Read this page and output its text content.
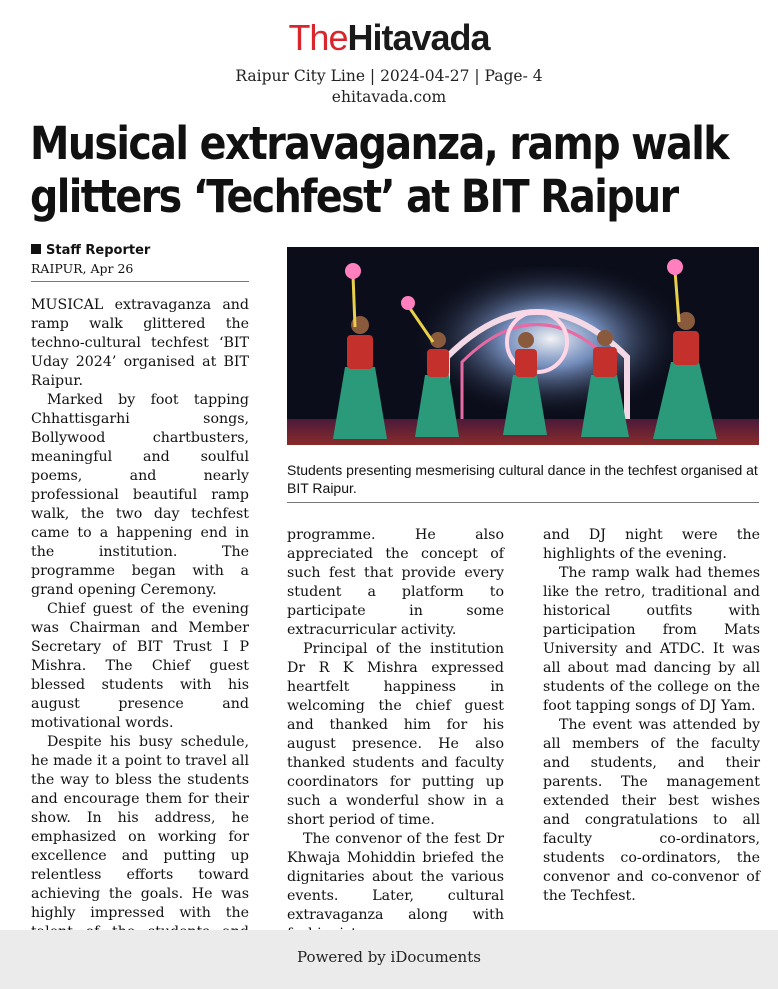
TheHitavada
Raipur City Line | 2024-04-27 | Page- 4
ehitavada.com
Musical extravaganza, ramp walk
glitters ‘Techfest’ at BIT Raipur
Staff Reporter
RAIPUR, Apr 26

MUSICAL extravaganza and ramp walk glittered the techno-cultural techfest ‘BIT Uday 2024’ organised at BIT Raipur.

Marked by foot tapping Chhattisgarhi songs, Bollywood chartbusters, meaningful and soulful poems, and nearly professional beautiful ramp walk, the two day techfest came to a happening end in the institution. The programme began with a grand opening Ceremony.

Chief guest of the evening was Chairman and Member Secretary of BIT Trust I P Mishra. The Chief guest blessed students with his august presence and motivational words.

Despite his busy schedule, he made it a point to travel all the way to bless the students and encourage them for their show. In his address, he emphasized on working for excellence and putting up relentless efforts toward achieving the goals. He was highly impressed with the

Students presenting mesmerising cultural dance in the techfest organised at BIT Raipur.

programme. He also appreciated the concept of such fest that provide every student a platform to participate in some extracurricular activity.

Principal of the institution Dr R K Mishra expressed heartfelt happiness in welcoming the chief guest and thanked him for his august presence. He also thanked students and faculty coordinators for putting up such a wonderful show in a short period of time.

The convenor of the fest Dr Khwaja Mohiddin briefed the dignitaries about the various events. Later, cultural extravaganza along with

and DJ night were the highlights of the evening.

The ramp walk had themes like the retro, traditional and historical outfits with participation from Mats University and ATDC. It was all about mad dancing by all students of the college on the foot tapping songs of DJ Yam.

The event was attended by all members of the faculty and students, and their parents. The management extended their best wishes and congratulations to all faculty co-ordinators, students co-ordinators, the convenor and co-convenor of the Techfest.

Powered by iDocuments
